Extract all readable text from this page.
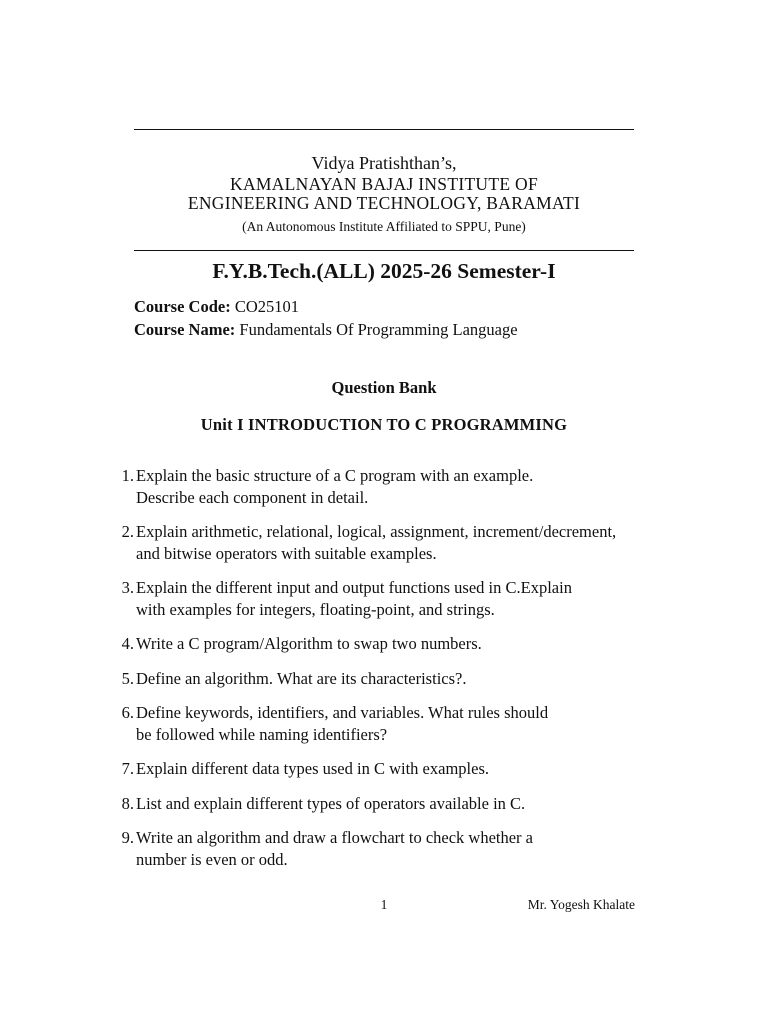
Vidya Pratishthan’s,
KAMALNAYAN BAJAJ INSTITUTE OF
ENGINEERING AND TECHNOLOGY, BARAMATI
(An Autonomous Institute Affiliated to SPPU, Pune)
F.Y.B.Tech.(ALL) 2025-26 Semester-I
Course Code: CO25101
Course Name: Fundamentals Of Programming Language
Question Bank
Unit I INTRODUCTION TO C PROGRAMMING
1. Explain the basic structure of a C program with an example.
Describe each component in detail.
2. Explain arithmetic, relational, logical, assignment, increment/decrement,
and bitwise operators with suitable examples.
3. Explain the different input and output functions used in C.Explain
with examples for integers, floating-point, and strings.
4. Write a C program/Algorithm to swap two numbers.
5. Define an algorithm. What are its characteristics?.
6. Define keywords, identifiers, and variables. What rules should
be followed while naming identifiers?
7. Explain different data types used in C with examples.
8. List and explain different types of operators available in C.
9. Write an algorithm and draw a flowchart to check whether a
number is even or odd.
1	Mr. Yogesh Khalate
